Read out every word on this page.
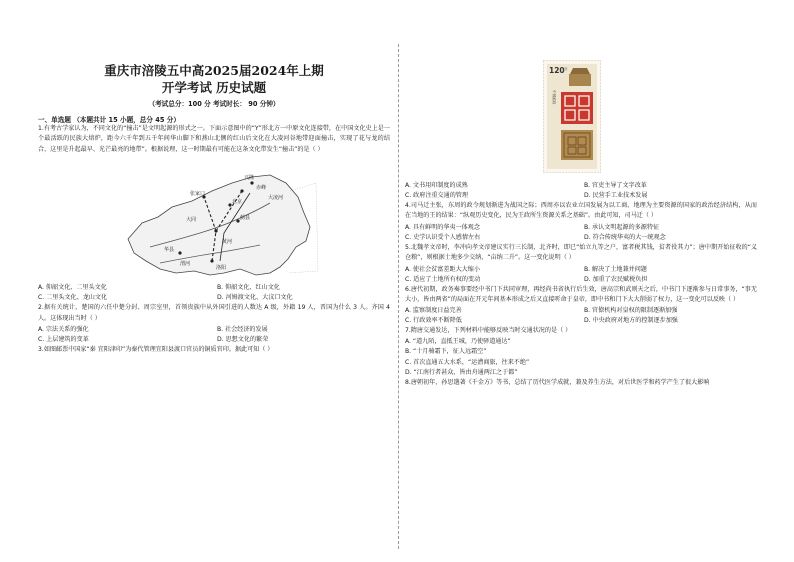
重庆市涪陵五中高2025届2024年上期
开学考试 历史试题
（考试总分：100 分 考试时长： 90 分钟）
一、单选题 （本题共计 15 小题，总分 45 分）
1.有考古学家认为，不同文化的“撞击”是文明起源的形式之一。下面示意图中的“Y”形北方一中原文化连接带，在中国文化史上是一个最活跃的民族大熔炉，距今六千年到五千年间华山脚下和燕山北侧的红山后文化在大凌河谷地带迎面撞击，实现了花与龙的结合，这里是升起最早、光芒最亮的地带”。根据说理，这一时期最有可能在这条文化带发生“撞击”的是（ ）
兴隆
赤峰
北京
大凌河
蓟县
张家口
大同
华县
洛阳
渭河
黄河
A. 仰韶文化、二里头文化	B. 仰韶文化、红山文化
C. 二里头文化、龙山文化	D. 河姆渡文化、大汶口文化
2.据有关统计，楚国的六任中楚分封、周宗室里，首领贵族中从外国引进的人数达 A 级，外籍 19 人，晋国为什么 3 人。齐国 4 人。这体现出当时（ ）
A. 宗法关系的强化	B. 社会经济的发展
C. 上层建筑的变革	D. 思想文化的繁荣
3.如图邮票中国家“秦 宜阳津印”为秦代管理宜阳县渡口官员的铜质官印。据此可知（ ）
120 分
中国邮政
A. 文书用印制度的成熟	B. 官吏主导了文字改革
C. 政府注重交通的管理	D. 民营手工业技术发展
4.司马迁主张，东周的政令规划渐进为战国之际；西周亦以农业立国发展为以工商、地理为主要资源的国家的政治经济结构，从而在当地的王的结果：“纵观历史变化，民为王政所生资源关系之基础”。由此可知，司马迁（ ）
A. 具有鲜明的华夷一体观念	B. 承认文明起源的多源特征
C. 史学认识受个人感情左右	D. 符合传统华夷的大一统观念
5.北魏孝文帝时，李冲向孝文帝建议实行三长制，北齐时，即已“始立九等之户，富者税其钱，贫者役其力”；唐中期开始征收的“义仓粮”，则根据土地多少交纳，“亩纳二升”。这一变化说明（ ）
A. 使社会贫富差距大大缩小	B. 解决了土地兼并问题
C. 适应了土地所有权的变动	D. 加重了农民赋税负担
6.唐代初期，政务奏事要经中书门下共同审理，再经尚书省执行后生效，唐高宗和武则天之后，中书门下逐渐参与日常事务，“事无大小，皆由两省”的局面在开元年间基本形成之后又直接听命于皇帝，即中书和门下大大削弱了权力，这一变化可以反映（ ）
A. 监察制度日益完善	B. 官僚机构对皇权的限制逐渐加强
C. 行政效率不断降低	D. 中央政府对地方的控制逐步加强
7.隋唐交通发达，下列材料中能够反映当时交通状况的是（ ）
A. “道九陌，直抵王城，乃使驿道通达”
B. “十月骑霜下，征人远霜空”
C. 首次直通五大水系，“运漕商旅，往来不绝”
D. “江南行者甚众，皆由舟通两江之于都”
8.唐朝初年，孙思邈著《千金方》等书，总结了历代医学成就，兼及养生方法，对后世医学和药学产生了很大影响
